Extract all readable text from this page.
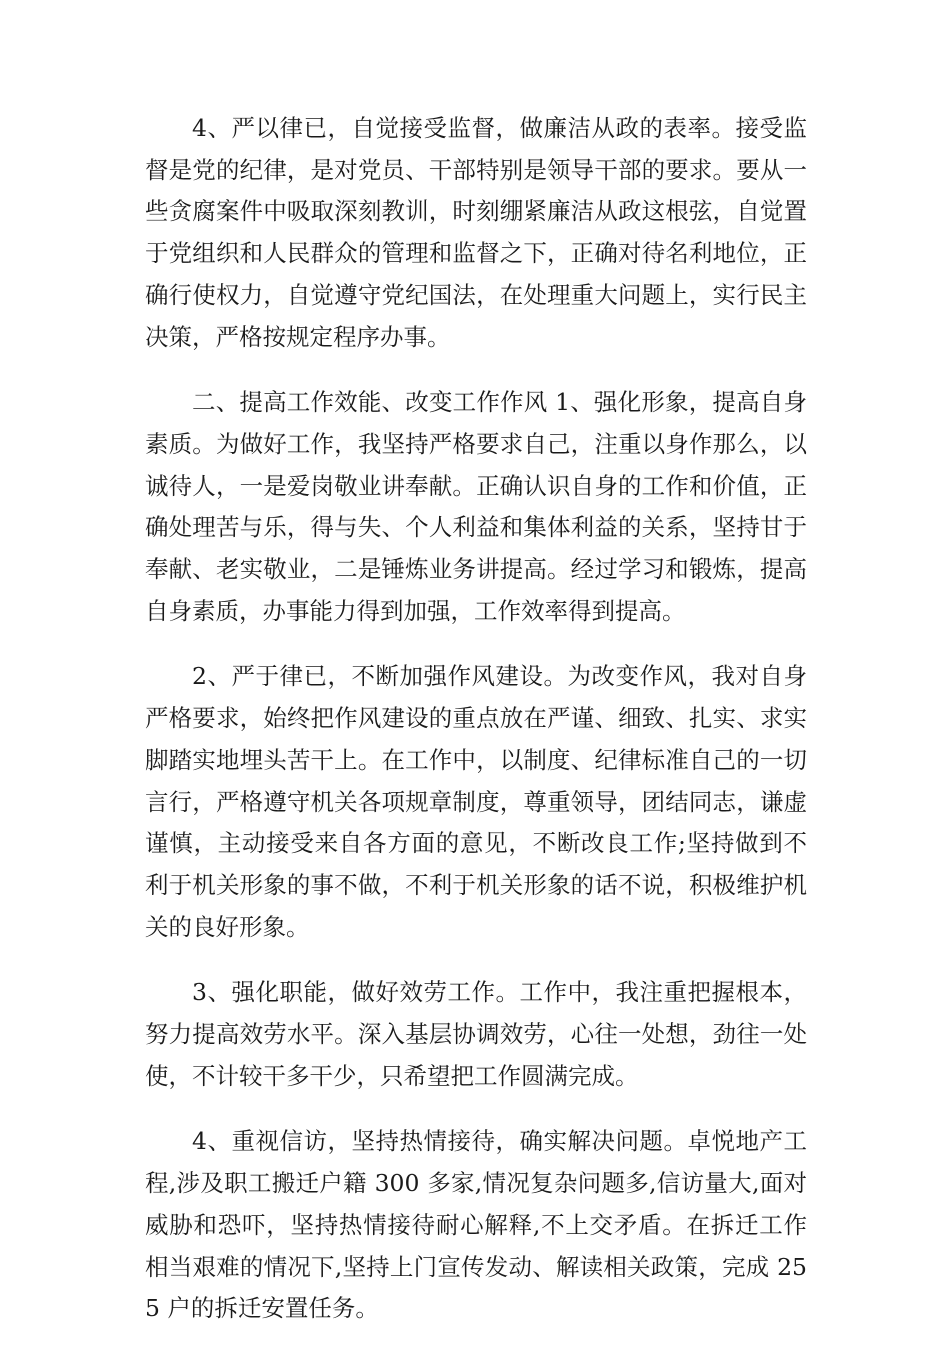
4、严以律已，自觉接受监督，做廉洁从政的表率。接受监督是党的纪律，是对党员、干部特别是领导干部的要求。要从一些贪腐案件中吸取深刻教训，时刻绷紧廉洁从政这根弦，自觉置于党组织和人民群众的管理和监督之下，正确对待名利地位，正确行使权力，自觉遵守党纪国法，在处理重大问题上，实行民主决策，严格按规定程序办事。

二、提高工作效能、改变工作作风 1、强化形象，提高自身素质。为做好工作，我坚持严格要求自己，注重以身作那么，以诚待人，一是爱岗敬业讲奉献。正确认识自身的工作和价值，正确处理苦与乐，得与失、个人利益和集体利益的关系，坚持甘于奉献、老实敬业，二是锤炼业务讲提高。经过学习和锻炼，提高自身素质，办事能力得到加强，工作效率得到提高。

2、严于律已，不断加强作风建设。为改变作风，我对自身严格要求，始终把作风建设的重点放在严谨、细致、扎实、求实脚踏实地埋头苦干上。在工作中，以制度、纪律标准自己的一切言行，严格遵守机关各项规章制度，尊重领导，团结同志，谦虚谨慎，主动接受来自各方面的意见，不断改良工作;坚持做到不利于机关形象的事不做，不利于机关形象的话不说，积极维护机关的良好形象。

3、强化职能，做好效劳工作。工作中，我注重把握根本，努力提高效劳水平。深入基层协调效劳，心往一处想，劲往一处使，不计较干多干少，只希望把工作圆满完成。

4、重视信访，坚持热情接待，确实解决问题。卓悦地产工程,涉及职工搬迁户籍 300 多家,情况复杂问题多,信访量大,面对威胁和恐吓，坚持热情接待耐心解释,不上交矛盾。在拆迁工作相当艰难的情况下,坚持上门宣传发动、解读相关政策，完成 255 户的拆迁安置任务。
